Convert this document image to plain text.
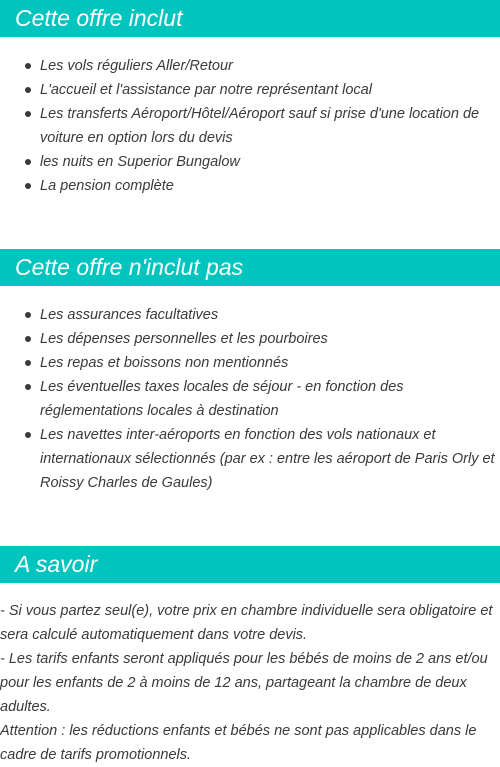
Cette offre inclut
Les vols réguliers Aller/Retour
L'accueil et l'assistance par notre représentant local
Les transferts Aéroport/Hôtel/Aéroport sauf si prise d'une location de voiture en option lors du devis
les nuits en Superior Bungalow
La pension complète
Cette offre n'inclut pas
Les assurances facultatives
Les dépenses personnelles et les pourboires
Les repas et boissons non mentionnés
Les éventuelles taxes locales de séjour - en fonction des réglementations locales à destination
Les navettes inter-aéroports en fonction des vols nationaux et internationaux sélectionnés (par ex : entre les aéroport de Paris Orly et Roissy Charles de Gaules)
A savoir

- Si vous partez seul(e), votre prix en chambre individuelle sera obligatoire et sera calculé automatiquement dans votre devis.

- Les tarifs enfants seront appliqués pour les bébés de moins de 2 ans et/ou pour les enfants de 2 à moins de 12 ans, partageant la chambre de deux adultes.

Attention : les réductions enfants et bébés ne sont pas applicables dans le cadre de tarifs promotionnels.
